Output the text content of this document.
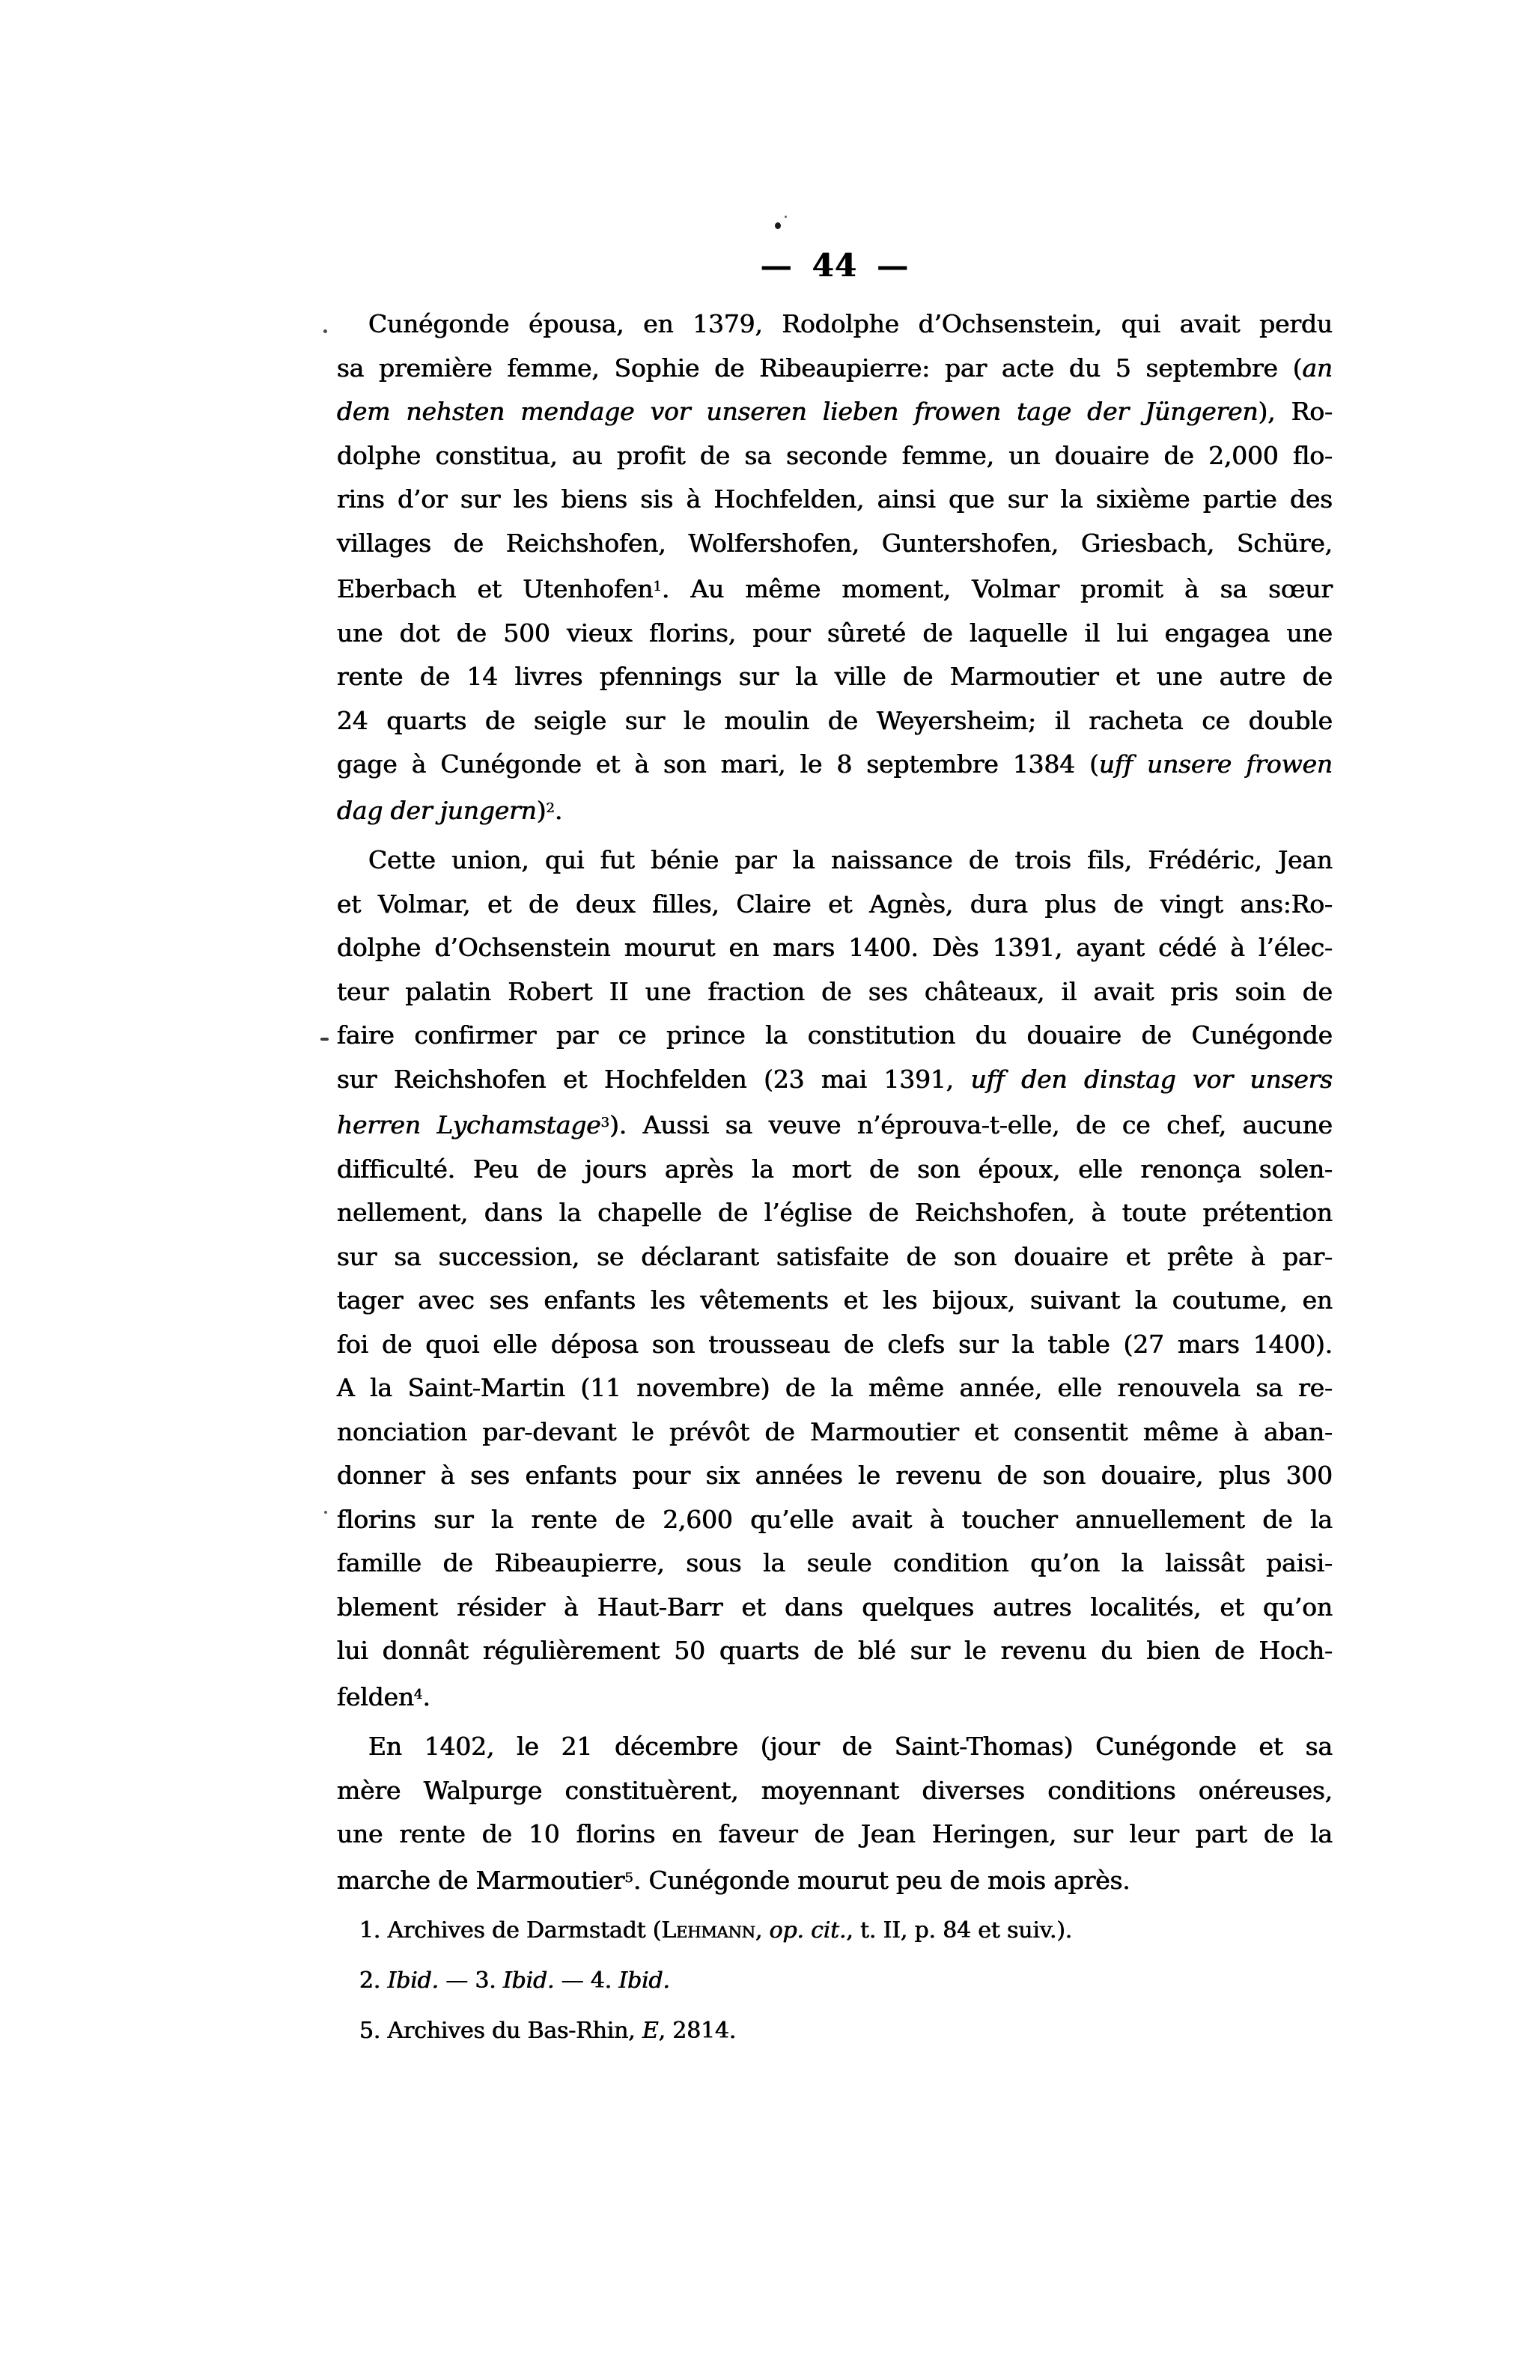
— 44 —
Cunégonde épousa, en 1379, Rodolphe d’Ochsenstein, qui avait perdu
sa première femme, Sophie de Ribeaupierre: par acte du 5 septembre (an
dem nehsten mendage vor unseren lieben frowen tage der Jüngeren), Ro-
dolphe constitua, au profit de sa seconde femme, un douaire de 2,000 flo-
rins d’or sur les biens sis à Hochfelden, ainsi que sur la sixième partie des
villages de Reichshofen, Wolfershofen, Guntershofen, Griesbach, Schüre,
Eberbach et Utenhofen$^1$. Au même moment, Volmar promit à sa sœur
une dot de 500 vieux florins, pour sûreté de laquelle il lui engagea une
rente de 14 livres pfennings sur la ville de Marmoutier et une autre de
24 quarts de seigle sur le moulin de Weyersheim; il racheta ce double
gage à Cunégonde et à son mari, le 8 septembre 1384 (uff unsere frowen
dag der jungern)$^2$.
Cette union, qui fut bénie par la naissance de trois fils, Frédéric, Jean
et Volmar, et de deux filles, Claire et Agnès, dura plus de vingt ans:Ro-
dolphe d’Ochsenstein mourut en mars 1400. Dès 1391, ayant cédé à l’élec-
teur palatin Robert II une fraction de ses châteaux, il avait pris soin de
faire confirmer par ce prince la constitution du douaire de Cunégonde
sur Reichshofen et Hochfelden (23 mai 1391, uff den dinstag vor unsers
herren Lychamstage$^3$). Aussi sa veuve n’éprouva-t-elle, de ce chef, aucune
difficulté. Peu de jours après la mort de son époux, elle renonça solen-
nellement, dans la chapelle de l’église de Reichshofen, à toute prétention
sur sa succession, se déclarant satisfaite de son douaire et prête à par-
tager avec ses enfants les vêtements et les bijoux, suivant la coutume, en
foi de quoi elle déposa son trousseau de clefs sur la table (27 mars 1400).
A la Saint-Martin (11 novembre) de la même année, elle renouvela sa re-
nonciation par-devant le prévôt de Marmoutier et consentit même à aban-
donner à ses enfants pour six années le revenu de son douaire, plus 300
florins sur la rente de 2,600 qu’elle avait à toucher annuellement de la
famille de Ribeaupierre, sous la seule condition qu’on la laissât paisi-
blement résider à Haut-Barr et dans quelques autres localités, et qu’on
lui donnât régulièrement 50 quarts de blé sur le revenu du bien de Hoch-
felden$^4$.
En 1402, le 21 décembre (jour de Saint-Thomas) Cunégonde et sa
mère Walpurge constituèrent, moyennant diverses conditions onéreuses,
une rente de 10 florins en faveur de Jean Heringen, sur leur part de la
marche de Marmoutier$^5$. Cunégonde mourut peu de mois après.
1. Archives de Darmstadt (Lehmann, op. cit., t. II, p. 84 et suiv.).
2. Ibid. — 3. Ibid. — 4. Ibid.
5. Archives du Bas-Rhin, E, 2814.
